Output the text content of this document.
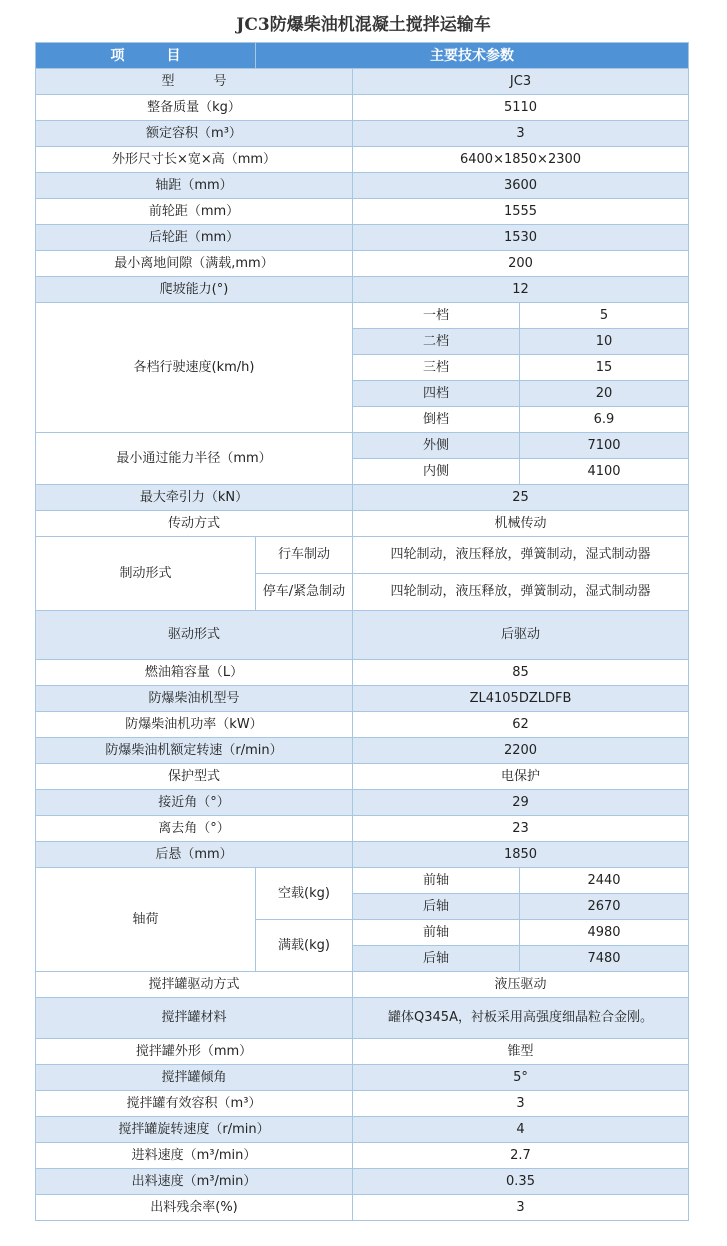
JC3防爆柴油机混凝土搅拌运输车
项　　　目	主要技术参数		
型　　　号		JC3	
整备质量（kg）		5110	
额定容积（m³）		3	
外形尺寸长×宽×高（mm）		6400×1850×2300	
轴距（mm）		3600	
前轮距（mm）		1555	
后轮距（mm）		1530	
最小离地间隙（满载,mm）		200	
爬坡能力(°)		12	
各档行驶速度(km/h)		一档	5
		二档	10
		三档	15
		四档	20
		倒档	6.9
最小通过能力半径（mm）		外侧	7100
		内侧	4100
最大牵引力（kN）		25	
传动方式		机械传动	
制动形式	行车制动	四轮制动，液压释放，弹簧制动，湿式制动器	
	停车/紧急制动	四轮制动，液压释放，弹簧制动，湿式制动器	
驱动形式		后驱动	
燃油箱容量（L）		85	
防爆柴油机型号		ZL4105DZLDFB	
防爆柴油机功率（kW）		62	
防爆柴油机额定转速（r/min）		2200	
保护型式		电保护	
接近角（°）		29	
离去角（°）		23	
后悬（mm）		1850	
轴荷	空载(kg)	前轴	2440
		后轴	2670
	满载(kg)	前轴	4980
		后轴	7480
搅拌罐驱动方式		液压驱动	
搅拌罐材料		罐体Q345A，衬板采用高强度细晶粒合金刚。	
搅拌罐外形（mm）		锥型	
搅拌罐倾角		5°	
搅拌罐有效容积（m³）		3	
搅拌罐旋转速度（r/min）		4	
进料速度（m³/min）		2.7	
出料速度（m³/min）		0.35	
出料残余率(%)		3	
